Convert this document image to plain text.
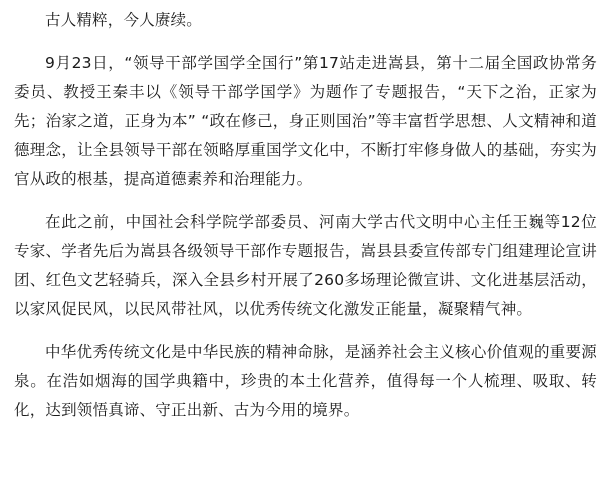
古人精粹，今人赓续。

9月23日，“领导干部学国学全国行”第17站走进嵩县，第十二届全国政协常务委员、教授王秦丰以《领导干部学国学》为题作了专题报告，“天下之治，正家为先；治家之道，正身为本” “政在修己，身正则国治”等丰富哲学思想、人文精神和道德理念，让全县领导干部在领略厚重国学文化中，不断打牢修身做人的基础，夯实为官从政的根基，提高道德素养和治理能力。

在此之前，中国社会科学院学部委员、河南大学古代文明中心主任王巍等12位专家、学者先后为嵩县各级领导干部作专题报告，嵩县县委宣传部专门组建理论宣讲团、红色文艺轻骑兵，深入全县乡村开展了260多场理论微宣讲、文化进基层活动，以家风促民风，以民风带社风，以优秀传统文化激发正能量，凝聚精气神。

中华优秀传统文化是中华民族的精神命脉，是涵养社会主义核心价值观的重要源泉。在浩如烟海的国学典籍中，珍贵的本土化营养，值得每一个人梳理、吸取、转化，达到领悟真谛、守正出新、古为今用的境界。
